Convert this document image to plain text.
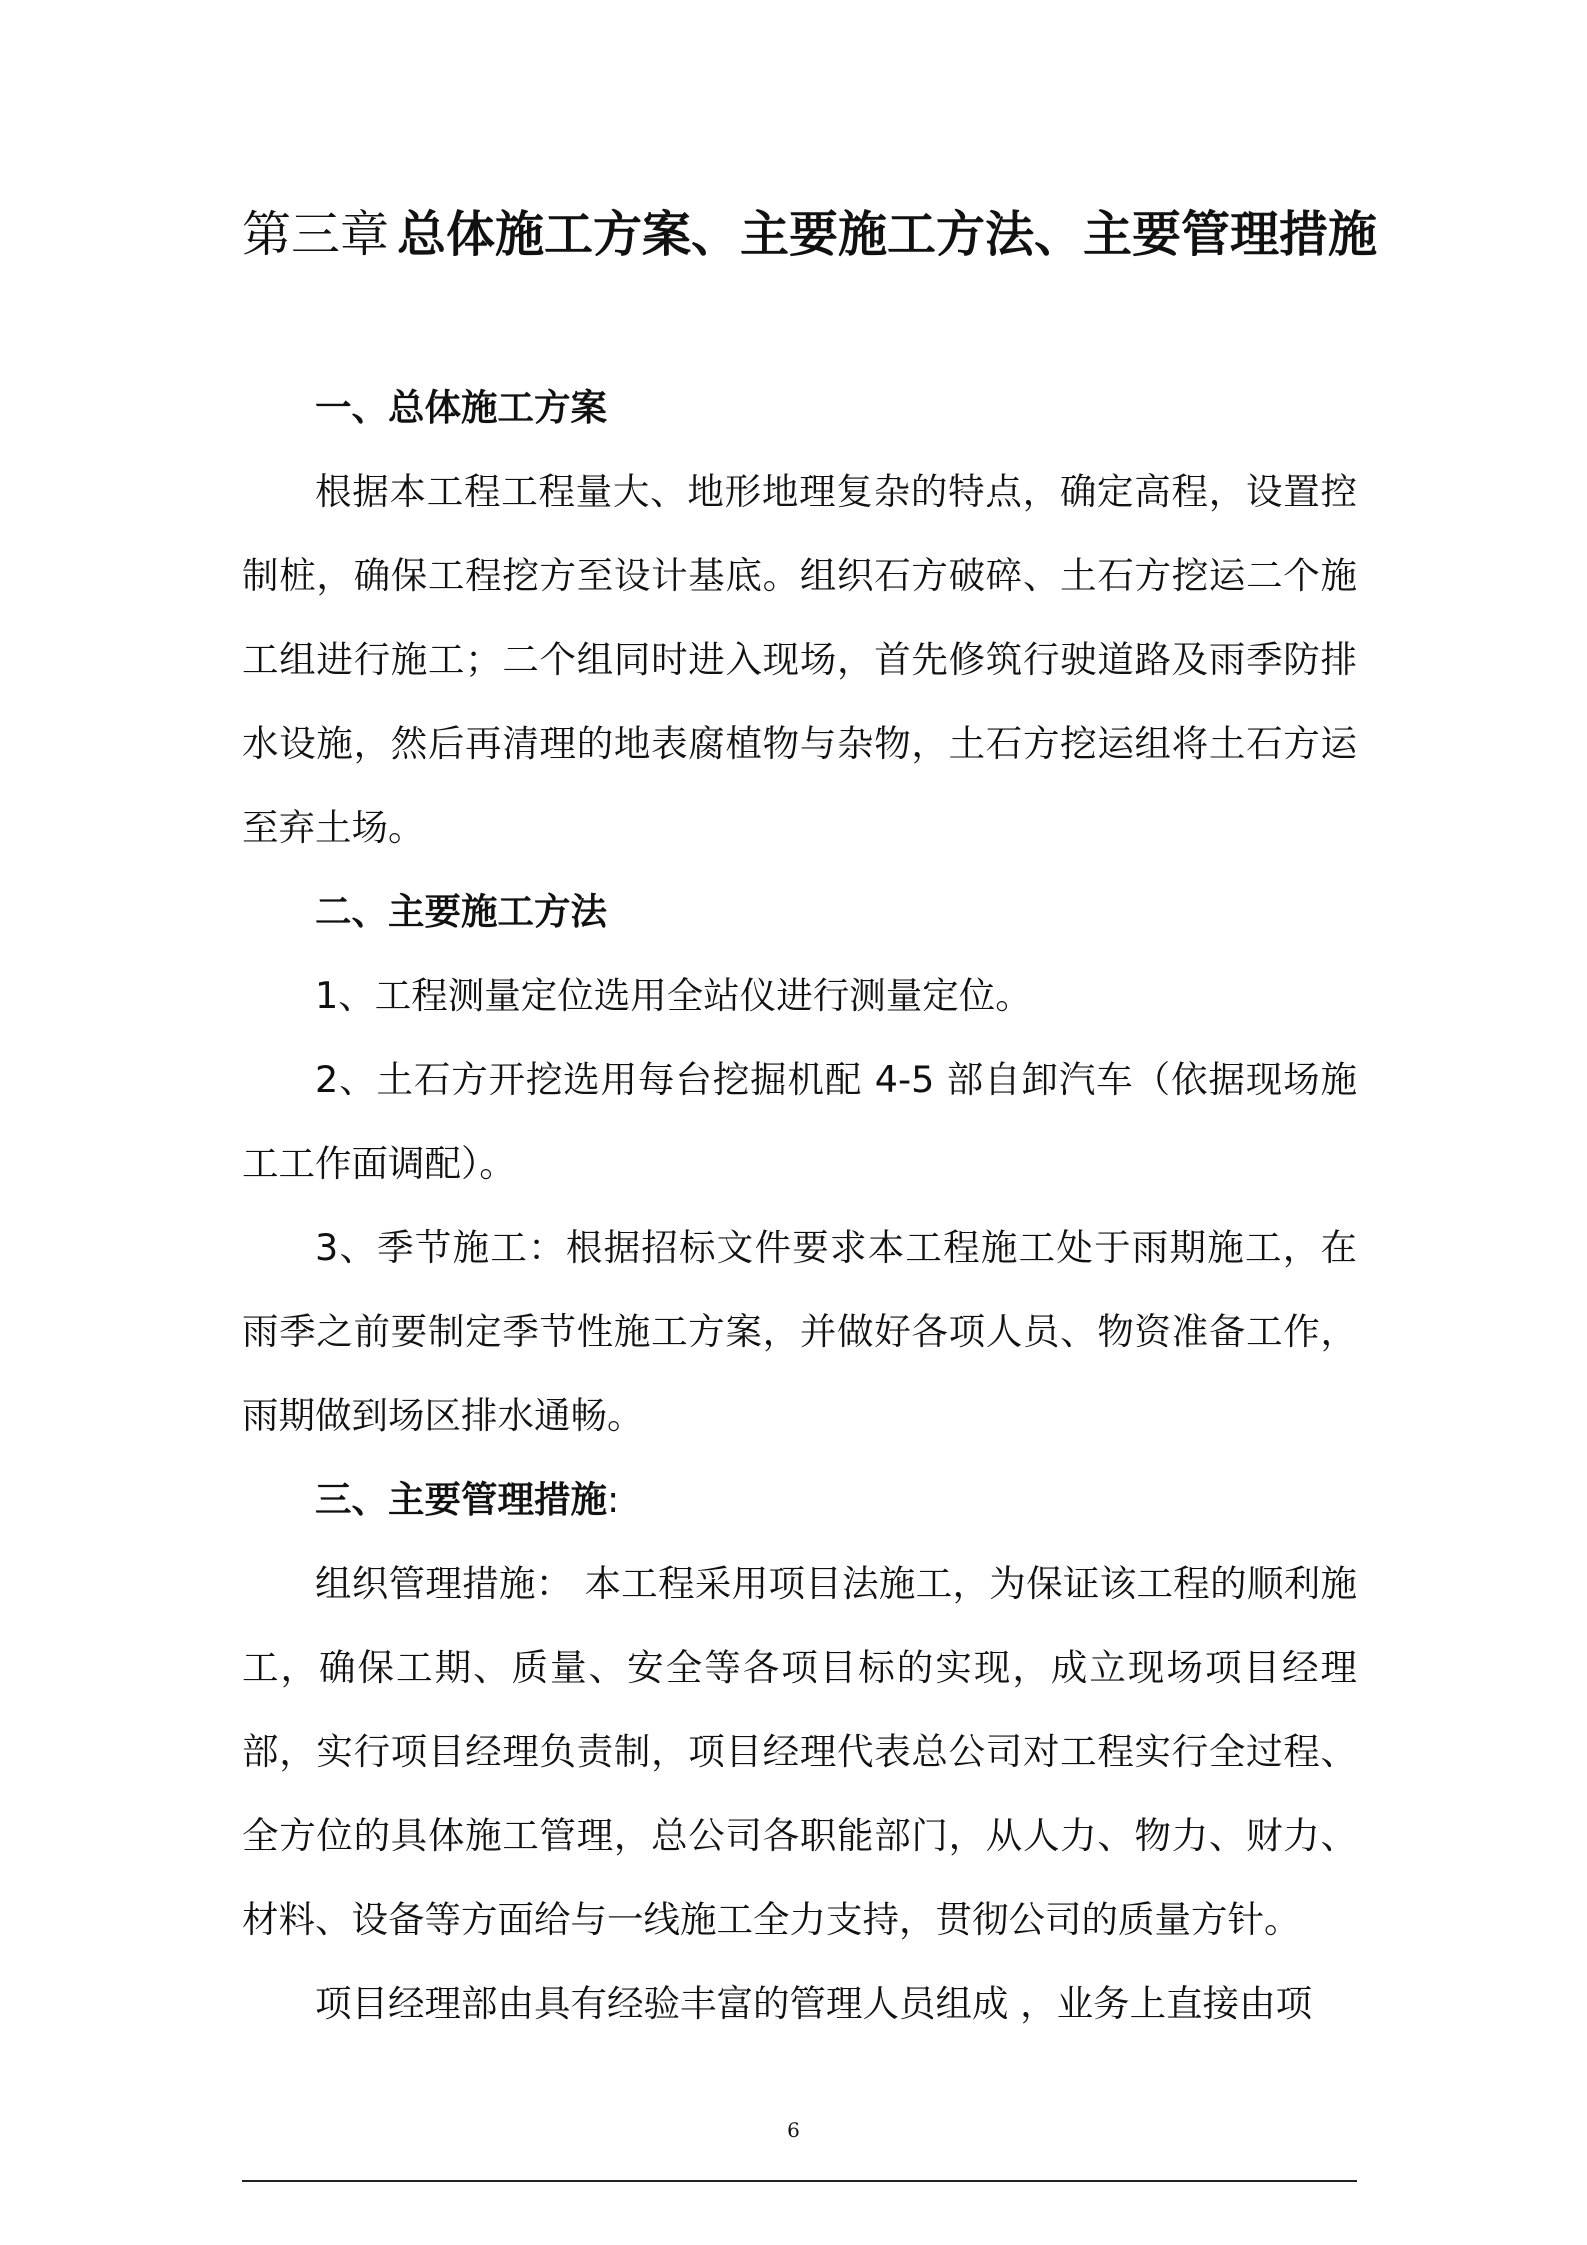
第三章 总体施工方案、主要施工方法、主要管理措施

一、总体施工方案

根据本工程工程量大、地形地理复杂的特点，确定高程，设置控制桩，确保工程挖方至设计基底。组织石方破碎、土石方挖运二个施工组进行施工；二个组同时进入现场，首先修筑行驶道路及雨季防排水设施，然后再清理的地表腐植物与杂物，土石方挖运组将土石方运至弃土场。

二、主要施工方法

1、工程测量定位选用全站仪进行测量定位。

2、土石方开挖选用每台挖掘机配 4-5 部自卸汽车（依据现场施工工作面调配）。

3、季节施工：根据招标文件要求本工程施工处于雨期施工，在雨季之前要制定季节性施工方案，并做好各项人员、物资准备工作，雨期做到场区排水通畅。

三、主要管理措施:

组织管理措施： 本工程采用项目法施工，为保证该工程的顺利施工，确保工期、质量、安全等各项目标的实现，成立现场项目经理部，实行项目经理负责制，项目经理代表总公司对工程实行全过程、全方位的具体施工管理，总公司各职能部门，从人力、物力、财力、材料、设备等方面给与一线施工全力支持，贯彻公司的质量方针。

项目经理部由具有经验丰富的管理人员组成 ，业务上直接由项

6
